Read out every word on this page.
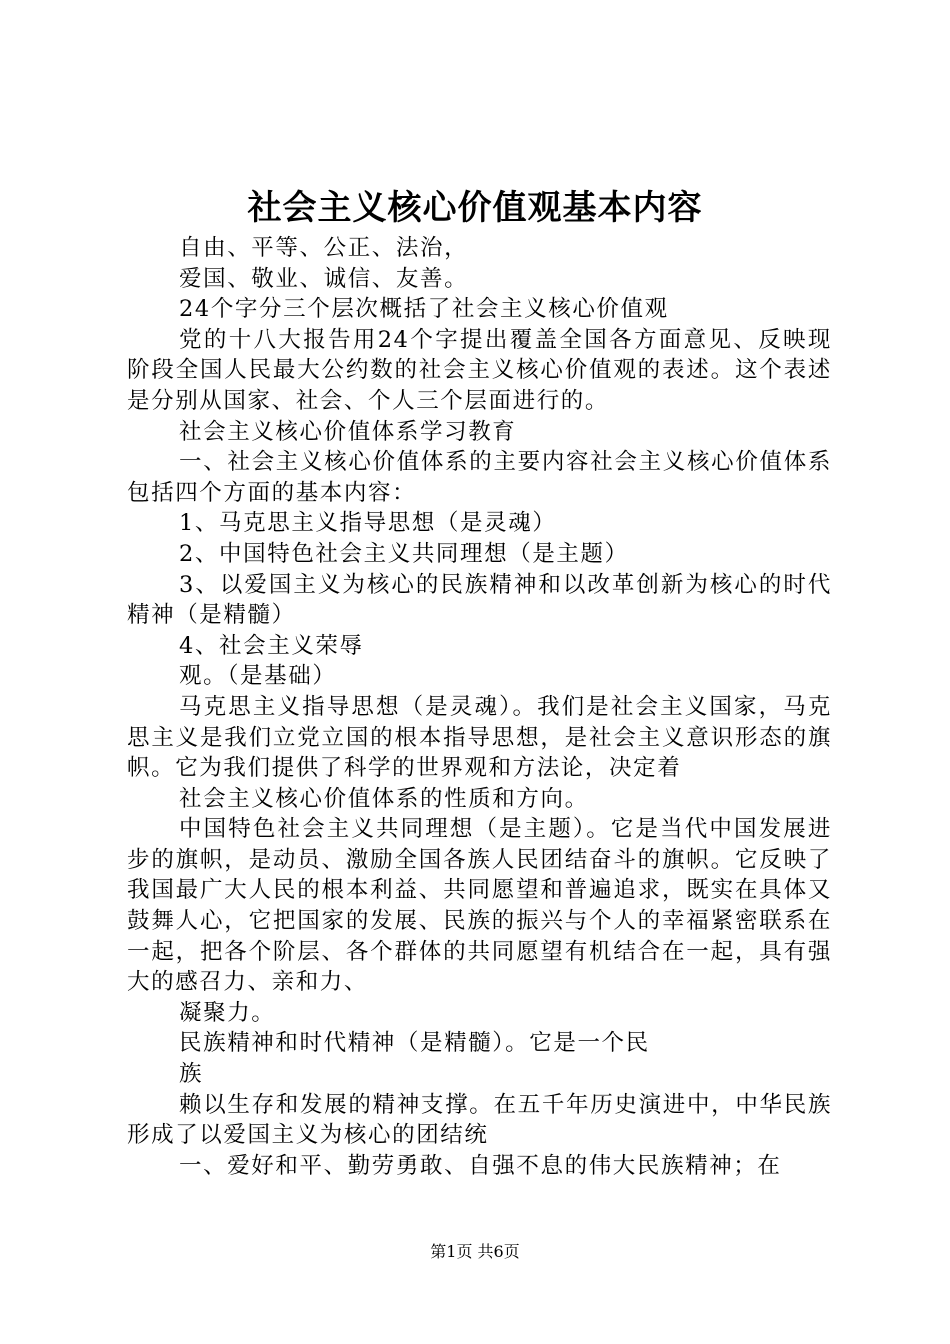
社会主义核心价值观基本内容

自由、平等、公正、法治，

爱国、敬业、诚信、友善。

24个字分三个层次概括了社会主义核心价值观

党的十八大报告用24个字提出覆盖全国各方面意见、反映现阶段全国人民最大公约数的社会主义核心价值观的表述。这个表述是分别从国家、社会、个人三个层面进行的。

社会主义核心价值体系学习教育

一、社会主义核心价值体系的主要内容社会主义核心价值体系包括四个方面的基本内容：

1、马克思主义指导思想（是灵魂）

2、中国特色社会主义共同理想（是主题）

3、以爱国主义为核心的民族精神和以改革创新为核心的时代精神（是精髓）

4、社会主义荣辱

观。（是基础）

马克思主义指导思想（是灵魂）。我们是社会主义国家，马克思主义是我们立党立国的根本指导思想，是社会主义意识形态的旗帜。它为我们提供了科学的世界观和方法论，决定着

社会主义核心价值体系的性质和方向。

中国特色社会主义共同理想（是主题）。它是当代中国发展进步的旗帜，是动员、激励全国各族人民团结奋斗的旗帜。它反映了我国最广大人民的根本利益、共同愿望和普遍追求，既实在具体又鼓舞人心，它把国家的发展、民族的振兴与个人的幸福紧密联系在一起，把各个阶层、各个群体的共同愿望有机结合在一起，具有强大的感召力、亲和力、

凝聚力。

民族精神和时代精神（是精髓）。它是一个民

族

赖以生存和发展的精神支撑。在五千年历史演进中，中华民族形成了以爱国主义为核心的团结统

一、爱好和平、勤劳勇敢、自强不息的伟大民族精神；在

第1页 共6页
